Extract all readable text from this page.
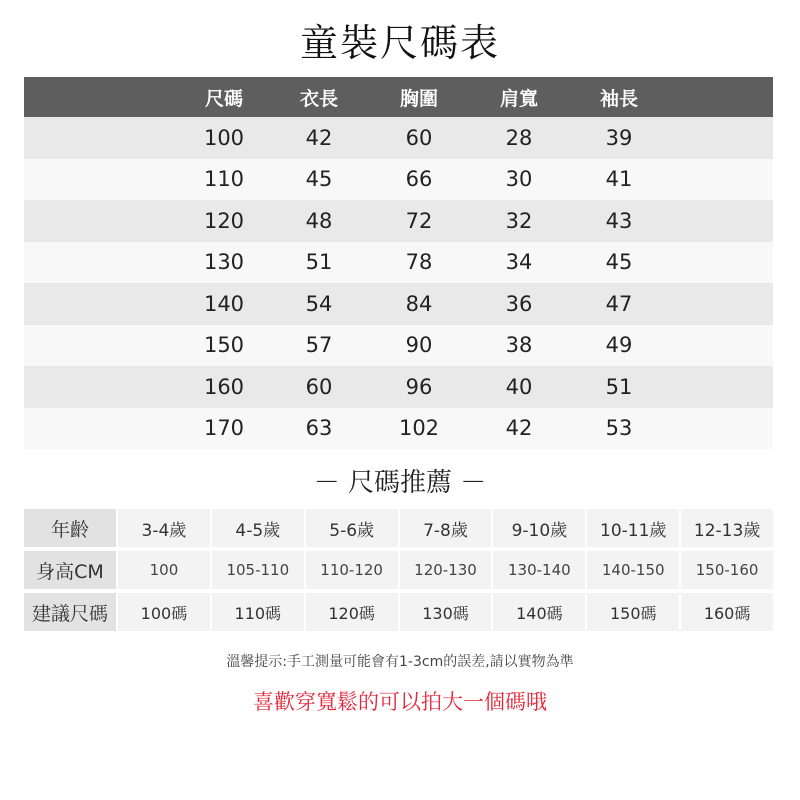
童裝尺碼表
尺碼	衣長	胸圍	肩寬	袖長
100	42	60	28	39
110	45	66	30	41
120	48	72	32	43
130	51	78	34	45
140	54	84	36	47
150	57	90	38	49
160	60	96	40	51
170	63	102	42	53
－ 尺碼推薦 －
年齡	3-4歲	4-5歲	5-6歲	7-8歲	9-10歲	10-11歲	12-13歲
身高CM	100	105-110	110-120	120-130	130-140	140-150	150-160
建議尺碼	100碼	110碼	120碼	130碼	140碼	150碼	160碼
溫馨提示:手工測量可能會有1-3cm的誤差,請以實物為準
喜歡穿寬鬆的可以拍大一個碼哦
